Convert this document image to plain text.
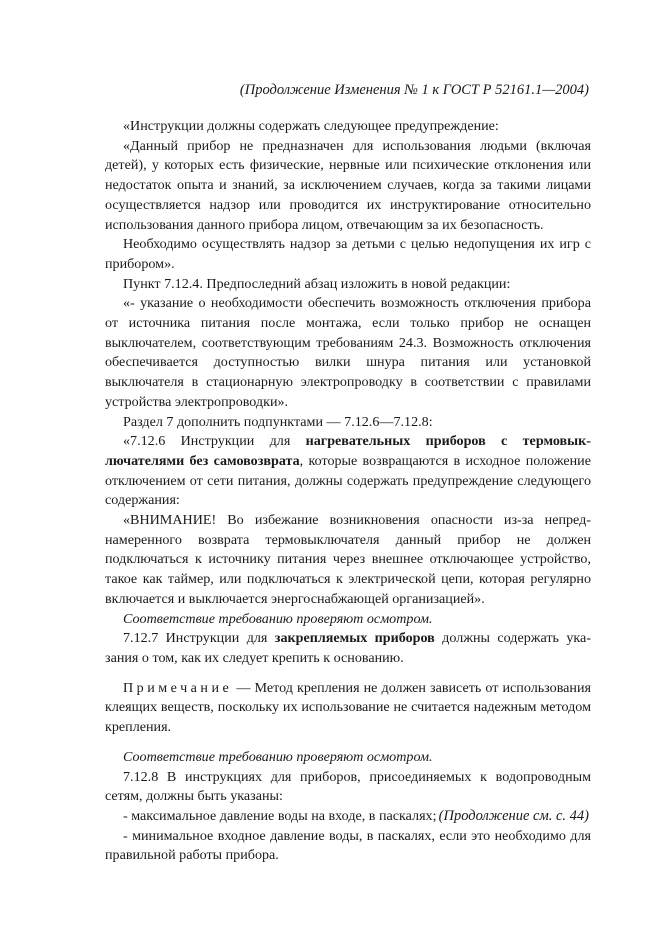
(Продолжение Изменения № 1 к ГОСТ Р 52161.1—2004)

«Инструкции должны содержать следующее предупреждение:

«Данный прибор не предназначен для использования людьми (включая детей), у которых есть физические, нервные или психические отклонения или недостаток опыта и знаний, за исключением случаев, когда за такими лицами осуществляется надзор или проводится их инструктирование относительно использования данного прибора лицом, отвечающим за их безопасность.

Необходимо осуществлять надзор за детьми с целью недопущения их игр с прибором».

Пункт 7.12.4. Предпоследний абзац изложить в новой редакции:

«- указание о необходимости обеспечить возможность отключения прибора от источника питания после монтажа, если только прибор не оснащен выключателем, соответствующим требованиям 24.3. Возможность отключения обеспечивается доступностью вилки шнура питания или установкой выключателя в стационарную электропроводку в соответствии с правилами устройства электропроводки».

Раздел 7 дополнить подпунктами — 7.12.6—7.12.8:

«7.12.6 Инструкции для нагревательных приборов с термовыключателями без самовозврата, которые возвращаются в исходное положение отключением от сети питания, должны содержать предупреждение следующего содержания:

«ВНИМАНИЕ! Во избежание возникновения опасности из-за непреднамеренного возврата термовыключателя данный прибор не должен подключаться к источнику питания через внешнее отключающее устройство, такое как таймер, или подключаться к электрической цепи, которая регулярно включается и выключается энергоснабжающей организацией».

Соответствие требованию проверяют осмотром.

7.12.7 Инструкции для закрепляемых приборов должны содержать указания о том, как их следует крепить к основанию.

Примечание — Метод крепления не должен зависеть от использования клеящих веществ, поскольку их использование не считается надежным методом крепления.

Соответствие требованию проверяют осмотром.

7.12.8 В инструкциях для приборов, присоединяемых к водопроводным сетям, должны быть указаны:

- максимальное давление воды на входе, в паскалях;

- минимальное входное давление воды, в паскалях, если это необходимо для правильной работы прибора.

(Продолжение см. с. 44)
